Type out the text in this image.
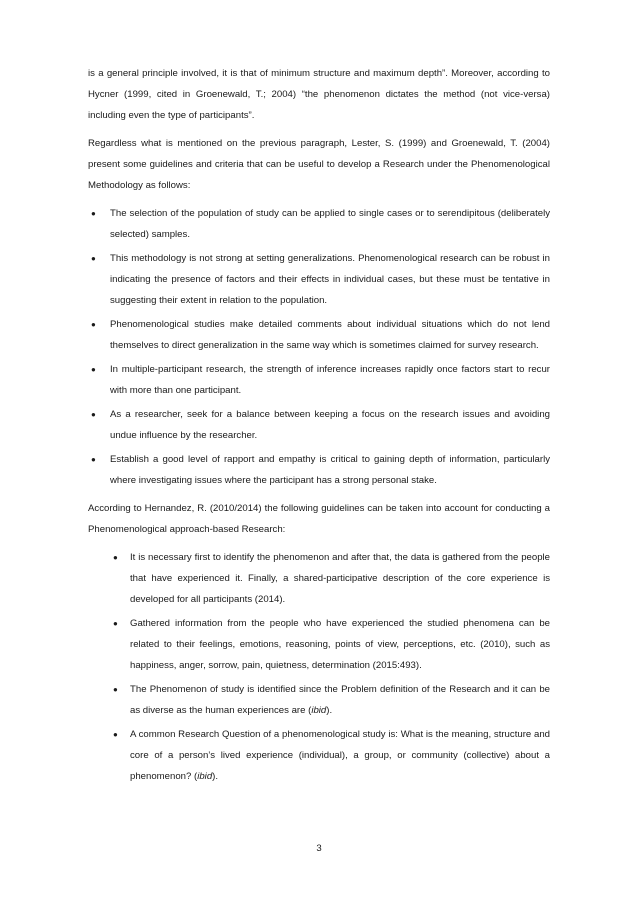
is a general principle involved, it is that of minimum structure and maximum depth”. Moreover, according to Hycner (1999, cited in Groenewald, T.; 2004) “the phenomenon dictates the method (not vice-versa) including even the type of participants”.

Regardless what is mentioned on the previous paragraph, Lester, S. (1999) and Groenewald, T. (2004) present some guidelines and criteria that can be useful to develop a Research under the Phenomenological Methodology as follows:

● The selection of the population of study can be applied to single cases or to serendipitous (deliberately selected) samples.
● This methodology is not strong at setting generalizations. Phenomenological research can be robust in indicating the presence of factors and their effects in individual cases, but these must be tentative in suggesting their extent in relation to the population.
● Phenomenological studies make detailed comments about individual situations which do not lend themselves to direct generalization in the same way which is sometimes claimed for survey research.
● In multiple-participant research, the strength of inference increases rapidly once factors start to recur with more than one participant.
● As a researcher, seek for a balance between keeping a focus on the research issues and avoiding undue influence by the researcher.
● Establish a good level of rapport and empathy is critical to gaining depth of information, particularly where investigating issues where the participant has a strong personal stake.

According to Hernandez, R. (2010/2014) the following guidelines can be taken into account for conducting a Phenomenological approach-based Research:

● It is necessary first to identify the phenomenon and after that, the data is gathered from the people that have experienced it. Finally, a shared-participative description of the core experience is developed for all participants (2014).
● Gathered information from the people who have experienced the studied phenomena can be related to their feelings, emotions, reasoning, points of view, perceptions, etc. (2010), such as happiness, anger, sorrow, pain, quietness, determination (2015:493).
● The Phenomenon of study is identified since the Problem definition of the Research and it can be as diverse as the human experiences are (ibid).
● A common Research Question of a phenomenological study is: What is the meaning, structure and core of a person’s lived experience (individual), a group, or community (collective) about a phenomenon? (ibid).
3
